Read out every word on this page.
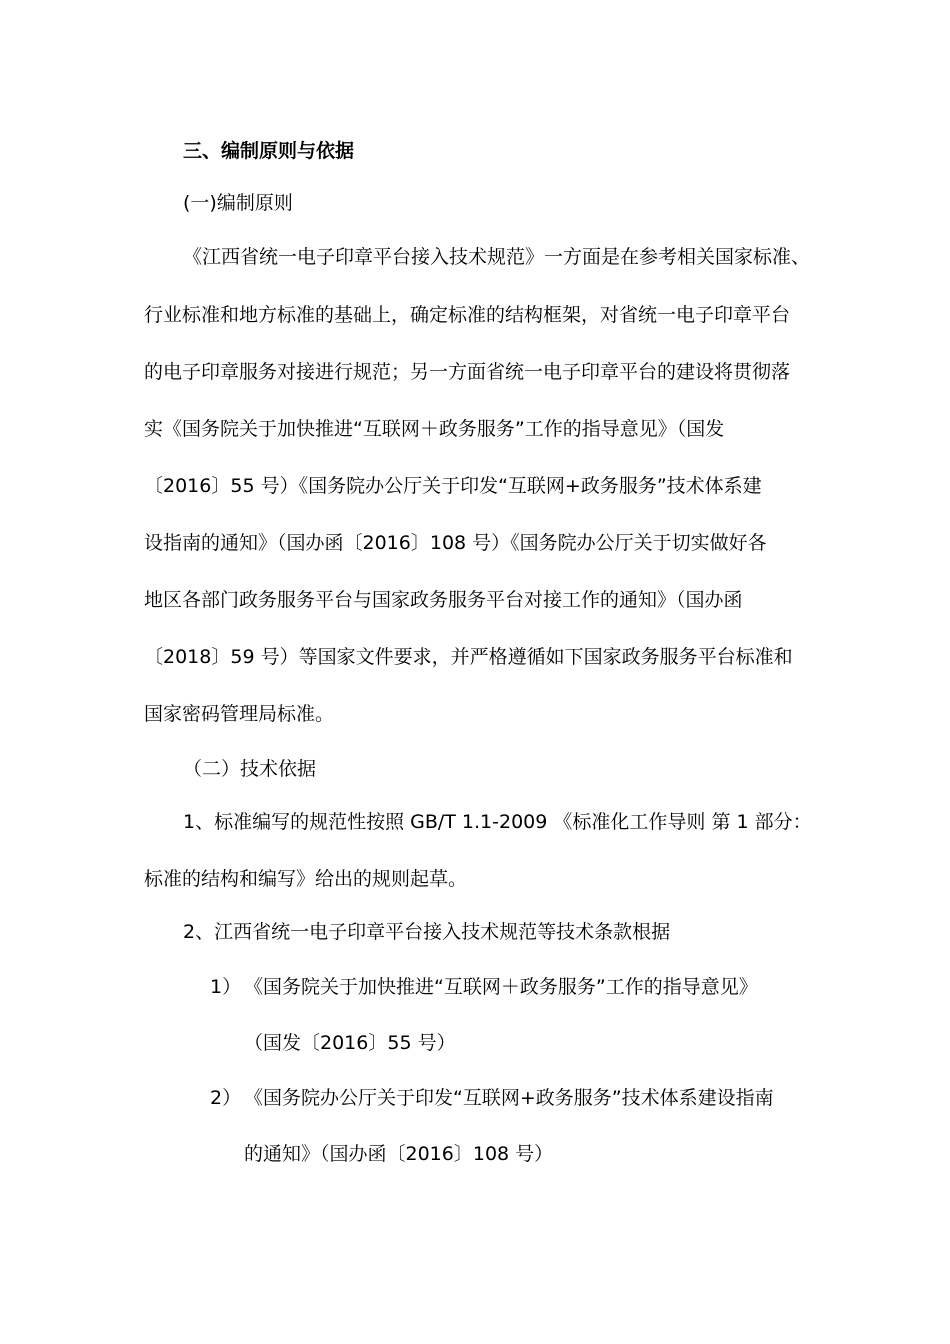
三、编制原则与依据
(一)编制原则
《江西省统一电子印章平台接入技术规范》一方面是在参考相关国家标准、
行业标准和地方标准的基础上，确定标准的结构框架，对省统一电子印章平台
的电子印章服务对接进行规范；另一方面省统一电子印章平台的建设将贯彻落
实《国务院关于加快推进“互联网＋政务服务”工作的指导意见》（国发
〔2016〕55 号）《国务院办公厅关于印发“互联网+政务服务”技术体系建
设指南的通知》（国办函〔2016〕108 号）《国务院办公厅关于切实做好各
地区各部门政务服务平台与国家政务服务平台对接工作的通知》（国办函
〔2018〕59 号）等国家文件要求，并严格遵循如下国家政务服务平台标准和
国家密码管理局标准。
（二）技术依据
1、标准编写的规范性按照 GB/T 1.1-2009 《标准化工作导则 第 1 部分：
标准的结构和编写》给出的规则起草。
2、江西省统一电子印章平台接入技术规范等技术条款根据
1） 《国务院关于加快推进“互联网＋政务服务”工作的指导意见》
（国发〔2016〕55 号）
2） 《国务院办公厅关于印发“互联网+政务服务”技术体系建设指南
的通知》（国办函〔2016〕108 号）
